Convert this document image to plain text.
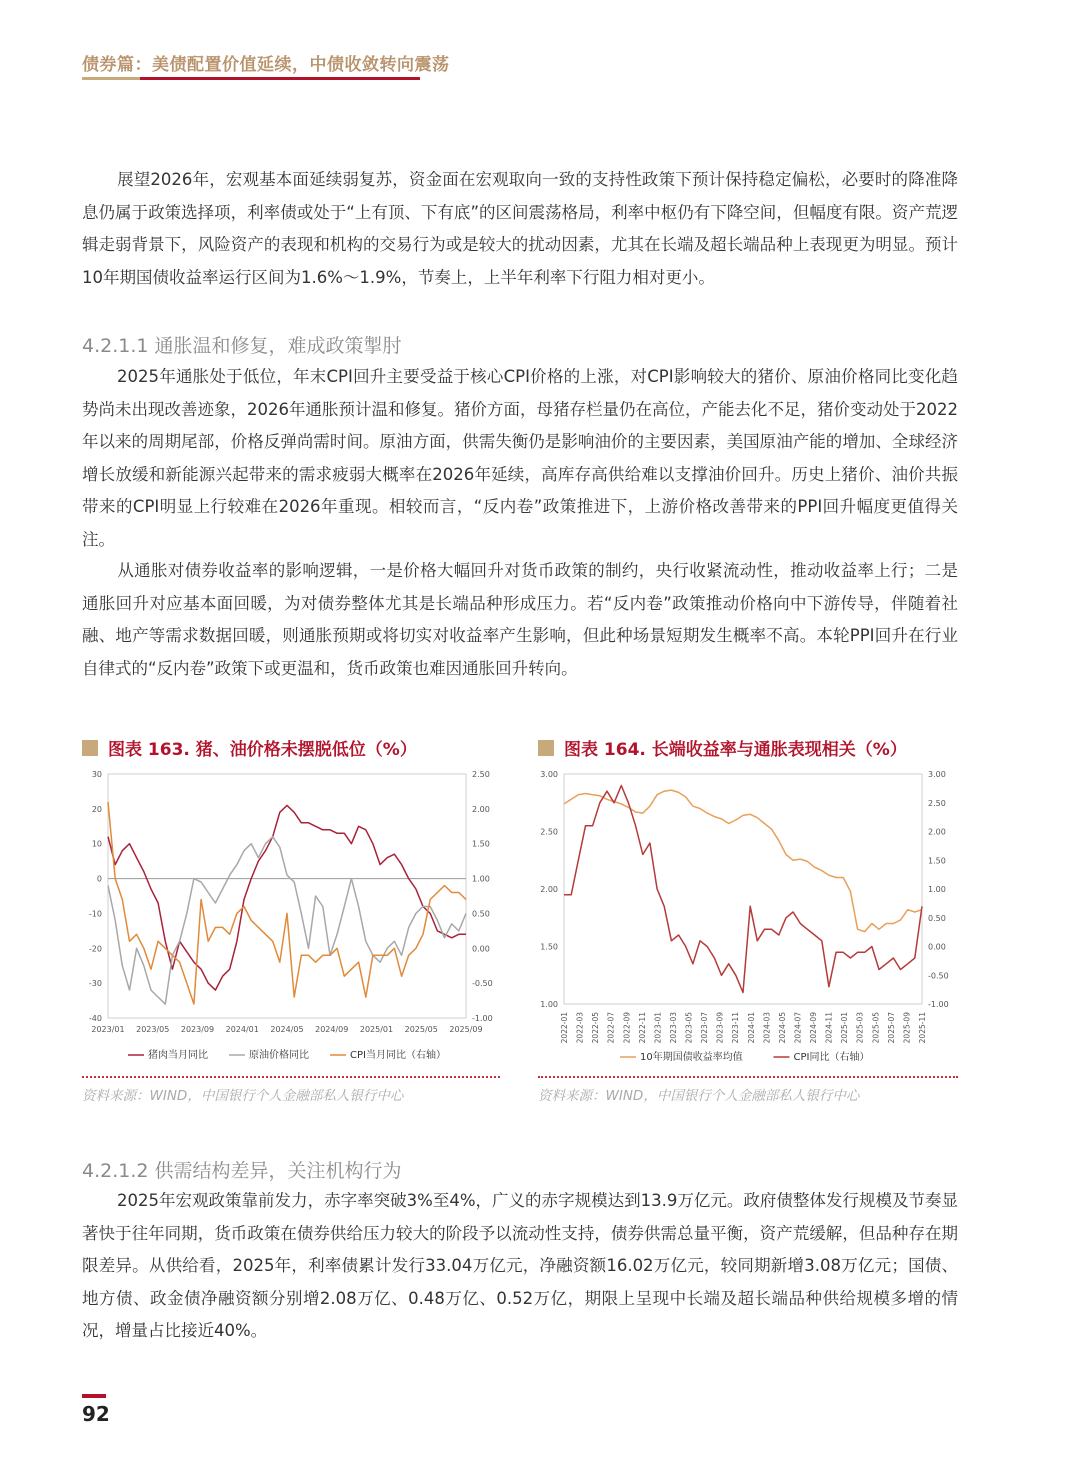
债券篇：美债配置价值延续，中债收敛转向震荡

展望2026年，宏观基本面延续弱复苏，资金面在宏观取向一致的支持性政策下预计保持稳定偏松，必要时的降准降息仍属于政策选择项，利率债或处于“上有顶、下有底”的区间震荡格局，利率中枢仍有下降空间，但幅度有限。资产荒逻辑走弱背景下，风险资产的表现和机构的交易行为或是较大的扰动因素，尤其在长端及超长端品种上表现更为明显。预计10年期国债收益率运行区间为1.6%～1.9%，节奏上，上半年利率下行阻力相对更小。

4.2.1.1 通胀温和修复，难成政策掣肘

2025年通胀处于低位，年末CPI回升主要受益于核心CPI价格的上涨，对CPI影响较大的猪价、原油价格同比变化趋势尚未出现改善迹象，2026年通胀预计温和修复。猪价方面，母猪存栏量仍在高位，产能去化不足，猪价变动处于2022年以来的周期尾部，价格反弹尚需时间。原油方面，供需失衡仍是影响油价的主要因素，美国原油产能的增加、全球经济增长放缓和新能源兴起带来的需求疲弱大概率在2026年延续，高库存高供给难以支撑油价回升。历史上猪价、油价共振带来的CPI明显上行较难在2026年重现。相较而言，“反内卷”政策推进下，上游价格改善带来的PPI回升幅度更值得关注。

从通胀对债券收益率的影响逻辑，一是价格大幅回升对货币政策的制约，央行收紧流动性，推动收益率上行；二是通胀回升对应基本面回暖，为对债券整体尤其是长端品种形成压力。若“反内卷”政策推动价格向中下游传导，伴随着社融、地产等需求数据回暖，则通胀预期或将切实对收益率产生影响，但此种场景短期发生概率不高。本轮PPI回升在行业自律式的“反内卷”政策下或更温和，货币政策也难因通胀回升转向。

图表 163. 猪、油价格未摆脱低位（%）
30
20
10
0
-10
-20
-30
-40
2.50
2.00
1.50
1.00
0.50
0.00
-0.50
-1.00
2023/01 2023/05 2023/09 2024/01 2024/05 2024/09 2025/01 2025/05 2025/09
猪肉当月同比	原油价格同比	CPI当月同比（右轴）
资料来源：WIND，中国银行个人金融部私人银行中心
图表 164. 长端收益率与通胀表现相关（%）
3.00
2.50
2.00
1.50
1.00
3.00
2.50
2.00
1.50
1.00
0.50
0.00
-0.50
-1.00
2022-01 2022-03 2022-05 2022-07 2022-09 2022-11 2023-01 2023-03 2023-05 2023-07 2023-09 2023-11 2024-01 2024-03 2024-05 2024-07 2024-09 2024-11 2025-01 2025-03 2025-05 2025-07 2025-09 2025-11
10年期国债收益率均值	CPI同比（右轴）
资料来源：WIND，中国银行个人金融部私人银行中心
4.2.1.2 供需结构差异，关注机构行为

2025年宏观政策靠前发力，赤字率突破3%至4%，广义的赤字规模达到13.9万亿元。政府债整体发行规模及节奏显著快于往年同期，货币政策在债券供给压力较大的阶段予以流动性支持，债券供需总量平衡，资产荒缓解，但品种存在期限差异。从供给看，2025年，利率债累计发行33.04万亿元，净融资额16.02万亿元，较同期新增3.08万亿元；国债、地方债、政金债净融资额分别增2.08万亿、0.48万亿、0.52万亿，期限上呈现中长端及超长端品种供给规模多增的情况，增量占比接近40%。

92
